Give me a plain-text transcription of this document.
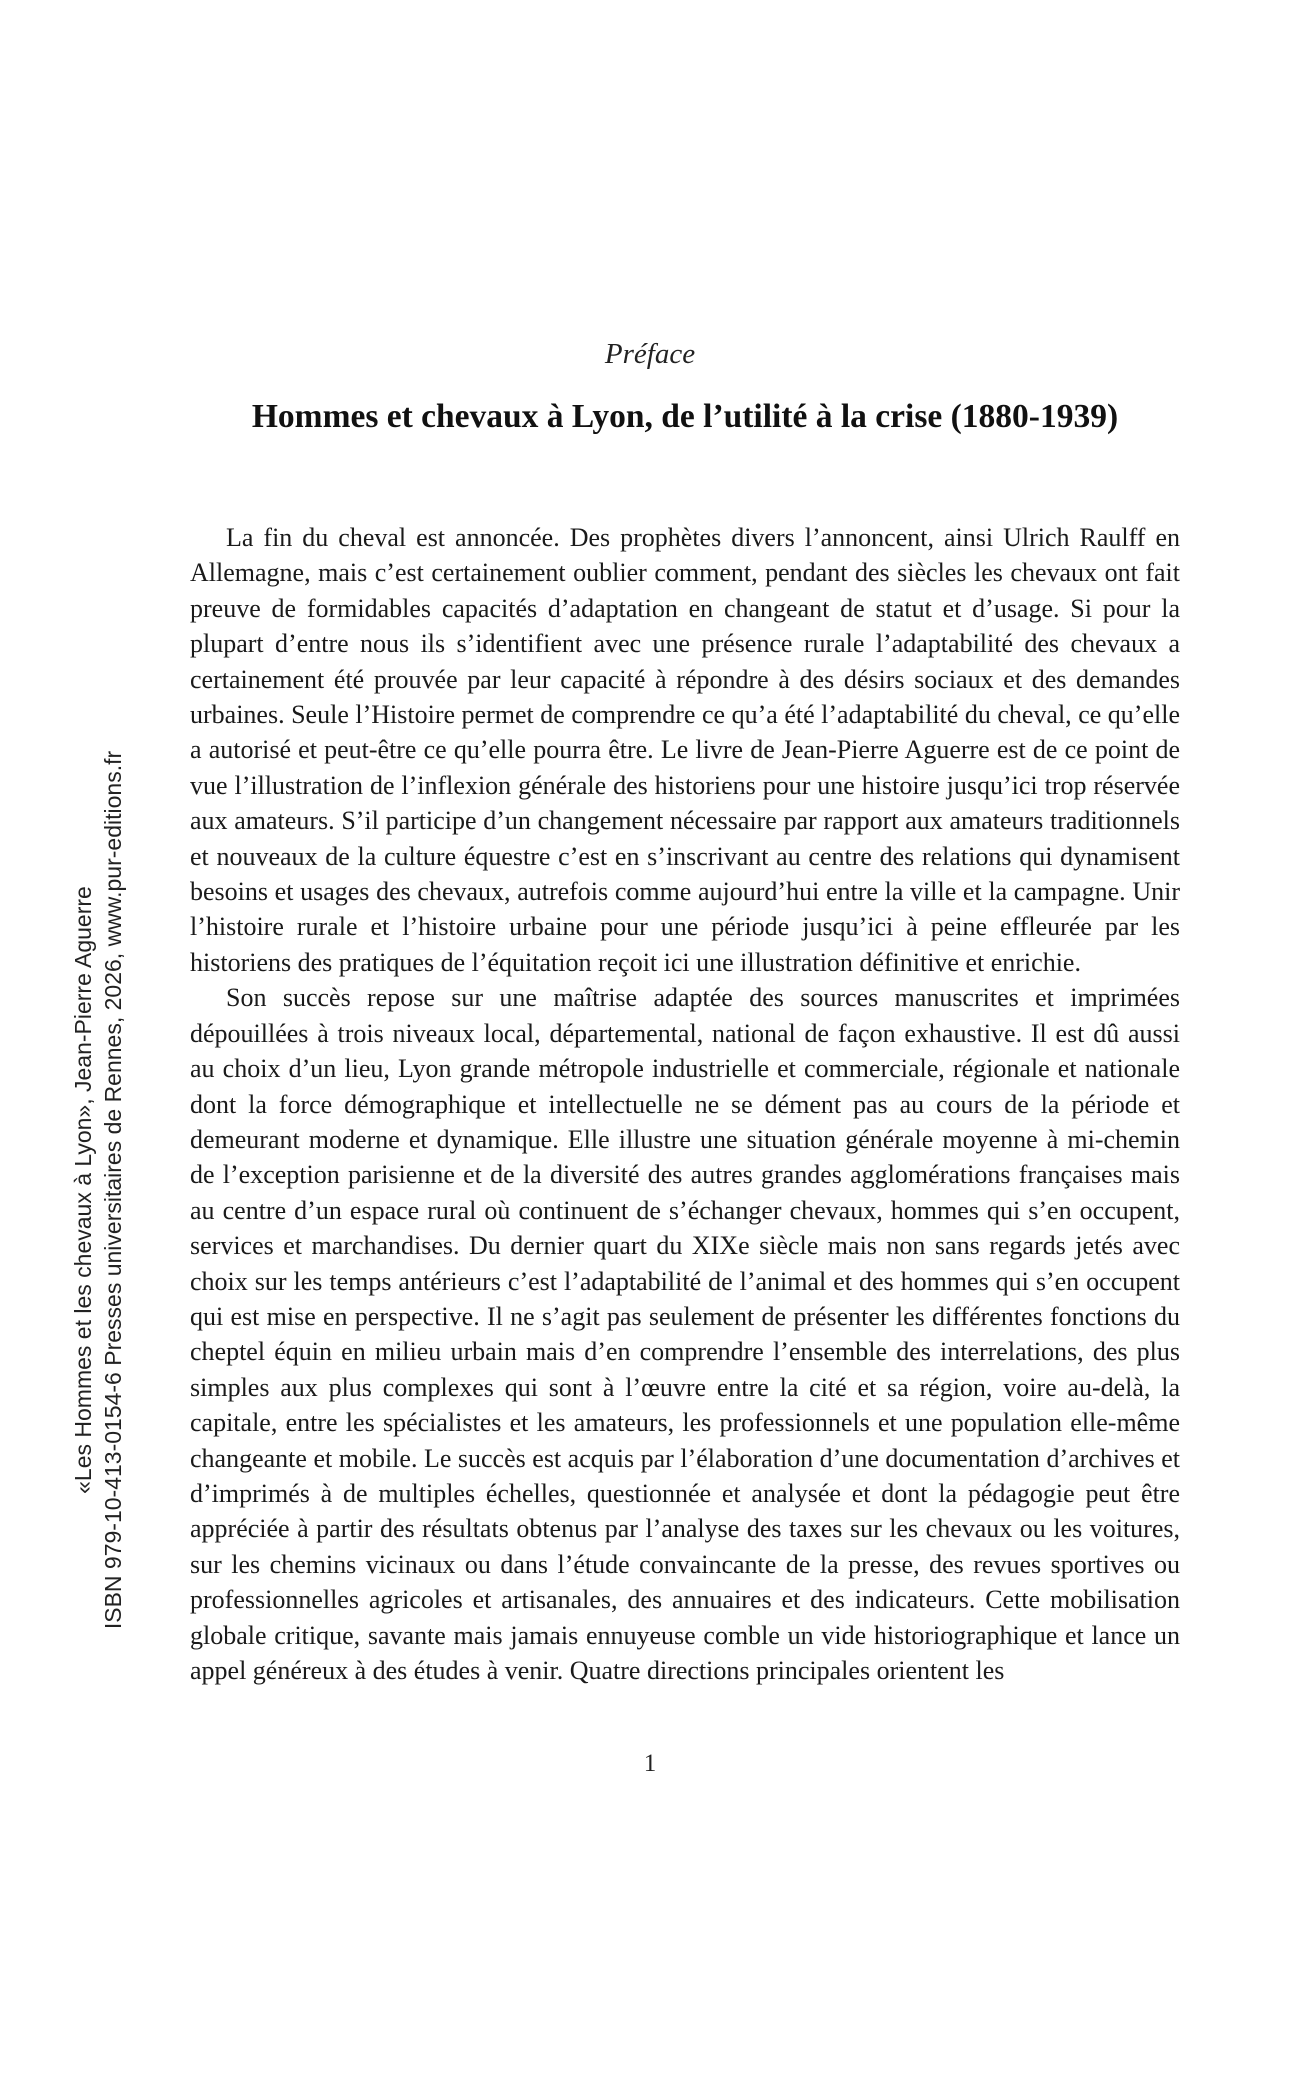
Préface
Hommes et chevaux à Lyon, de l’utilité à la crise (1880-1939)

La fin du cheval est annoncée. Des prophètes divers l’annoncent, ainsi Ulrich Raulff en Allemagne, mais c’est certainement oublier comment, pendant des siècles les chevaux ont fait preuve de formidables capacités d’adaptation en changeant de statut et d’usage. Si pour la plupart d’entre nous ils s’identifient avec une présence rurale l’adaptabilité des chevaux a certainement été prouvée par leur capacité à répondre à des désirs sociaux et des demandes urbaines. Seule l’Histoire permet de comprendre ce qu’a été l’adaptabilité du cheval, ce qu’elle a autorisé et peut-être ce qu’elle pourra être. Le livre de Jean-Pierre Aguerre est de ce point de vue l’illustration de l’inflexion générale des historiens pour une histoire jusqu’ici trop réservée aux amateurs. S’il participe d’un changement nécessaire par rapport aux amateurs traditionnels et nouveaux de la culture équestre c’est en s’inscrivant au centre des relations qui dynamisent besoins et usages des chevaux, autrefois comme aujourd’hui entre la ville et la campagne. Unir l’histoire rurale et l’histoire urbaine pour une période jusqu’ici à peine effleurée par les historiens des pratiques de l’équitation reçoit ici une illustration définitive et enrichie.

Son succès repose sur une maîtrise adaptée des sources manuscrites et imprimées dépouillées à trois niveaux local, départemental, national de façon exhaustive. Il est dû aussi au choix d’un lieu, Lyon grande métropole industrielle et commerciale, régionale et nationale dont la force démographique et intellectuelle ne se dément pas au cours de la période et demeurant moderne et dynamique. Elle illustre une situation générale moyenne à mi-chemin de l’exception parisienne et de la diversité des autres grandes agglomérations françaises mais au centre d’un espace rural où continuent de s’échanger chevaux, hommes qui s’en occupent, services et marchandises. Du dernier quart du XIXe siècle mais non sans regards jetés avec choix sur les temps antérieurs c’est l’adaptabilité de l’animal et des hommes qui s’en occupent qui est mise en perspective. Il ne s’agit pas seulement de présenter les différentes fonctions du cheptel équin en milieu urbain mais d’en comprendre l’ensemble des interrelations, des plus simples aux plus complexes qui sont à l’œuvre entre la cité et sa région, voire au-delà, la capitale, entre les spécialistes et les amateurs, les professionnels et une population elle-même changeante et mobile. Le succès est acquis par l’élaboration d’une documentation d’archives et d’imprimés à de multiples échelles, questionnée et analysée et dont la pédagogie peut être appréciée à partir des résultats obtenus par l’analyse des taxes sur les chevaux ou les voitures, sur les chemins vicinaux ou dans l’étude convaincante de la presse, des revues sportives ou professionnelles agricoles et artisanales, des annuaires et des indicateurs. Cette mobilisation globale critique, savante mais jamais ennuyeuse comble un vide historiographique et lance un appel généreux à des études à venir. Quatre directions principales orientent les

«Les Hommes et les chevaux à Lyon», Jean-Pierre Aguerre ISBN 979-10-413-0154-6 Presses universitaires de Rennes, 2026, www.pur-editions.fr
1
